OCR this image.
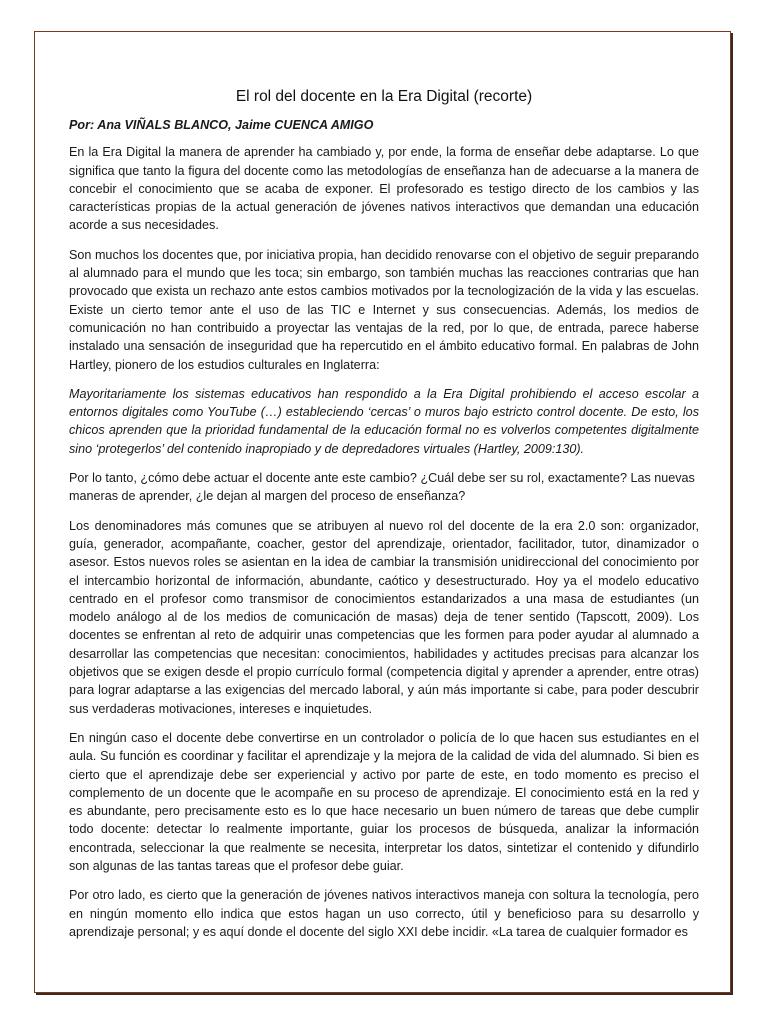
El rol del docente en la Era Digital (recorte)

Por: Ana VIÑALS BLANCO, Jaime CUENCA AMIGO

En la Era Digital la manera de aprender ha cambiado y, por ende, la forma de enseñar debe adaptarse. Lo que significa que tanto la figura del docente como las metodologías de enseñanza han de adecuarse a la manera de concebir el conocimiento que se acaba de exponer. El profesorado es testigo directo de los cambios y las características propias de la actual generación de jóvenes nativos interactivos que demandan una educación acorde a sus necesidades.

Son muchos los docentes que, por iniciativa propia, han decidido renovarse con el objetivo de seguir preparando al alumnado para el mundo que les toca; sin embargo, son también muchas las reacciones contrarias que han provocado que exista un rechazo ante estos cambios motivados por la tecnologización de la vida y las escuelas. Existe un cierto temor ante el uso de las TIC e Internet y sus consecuencias. Además, los medios de comunicación no han contribuido a proyectar las ventajas de la red, por lo que, de entrada, parece haberse instalado una sensación de inseguridad que ha repercutido en el ámbito educativo formal. En palabras de John Hartley, pionero de los estudios culturales en Inglaterra:

Mayoritariamente los sistemas educativos han respondido a la Era Digital prohibiendo el acceso escolar a entornos digitales como YouTube (…) estableciendo ‘cercas’ o muros bajo estricto control docente. De esto, los chicos aprenden que la prioridad fundamental de la educación formal no es volverlos competentes digitalmente sino ‘protegerlos’ del contenido inapropiado y de depredadores virtuales (Hartley, 2009:130).

Por lo tanto, ¿cómo debe actuar el docente ante este cambio? ¿Cuál debe ser su rol, exactamente? Las nuevas maneras de aprender, ¿le dejan al margen del proceso de enseñanza?

Los denominadores más comunes que se atribuyen al nuevo rol del docente de la era 2.0 son: organizador, guía, generador, acompañante, coacher, gestor del aprendizaje, orientador, facilitador, tutor, dinamizador o asesor. Estos nuevos roles se asientan en la idea de cambiar la transmisión unidireccional del conocimiento por el intercambio horizontal de información, abundante, caótico y desestructurado. Hoy ya el modelo educativo centrado en el profesor como transmisor de conocimientos estandarizados a una masa de estudiantes (un modelo análogo al de los medios de comunicación de masas) deja de tener sentido (Tapscott, 2009). Los docentes se enfrentan al reto de adquirir unas competencias que les formen para poder ayudar al alumnado a desarrollar las competencias que necesitan: conocimientos, habilidades y actitudes precisas para alcanzar los objetivos que se exigen desde el propio currículo formal (competencia digital y aprender a aprender, entre otras) para lograr adaptarse a las exigencias del mercado laboral, y aún más importante si cabe, para poder descubrir sus verdaderas motivaciones, intereses e inquietudes.

En ningún caso el docente debe convertirse en un controlador o policía de lo que hacen sus estudiantes en el aula. Su función es coordinar y facilitar el aprendizaje y la mejora de la calidad de vida del alumnado. Si bien es cierto que el aprendizaje debe ser experiencial y activo por parte de este, en todo momento es preciso el complemento de un docente que le acompañe en su proceso de aprendizaje. El conocimiento está en la red y es abundante, pero precisamente esto es lo que hace necesario un buen número de tareas que debe cumplir todo docente: detectar lo realmente importante, guiar los procesos de búsqueda, analizar la información encontrada, seleccionar la que realmente se necesita, interpretar los datos, sintetizar el contenido y difundirlo son algunas de las tantas tareas que el profesor debe guiar.

Por otro lado, es cierto que la generación de jóvenes nativos interactivos maneja con soltura la tecnología, pero en ningún momento ello indica que estos hagan un uso correcto, útil y beneficioso para su desarrollo y aprendizaje personal; y es aquí donde el docente del siglo XXI debe incidir. «La tarea de cualquier formador es
